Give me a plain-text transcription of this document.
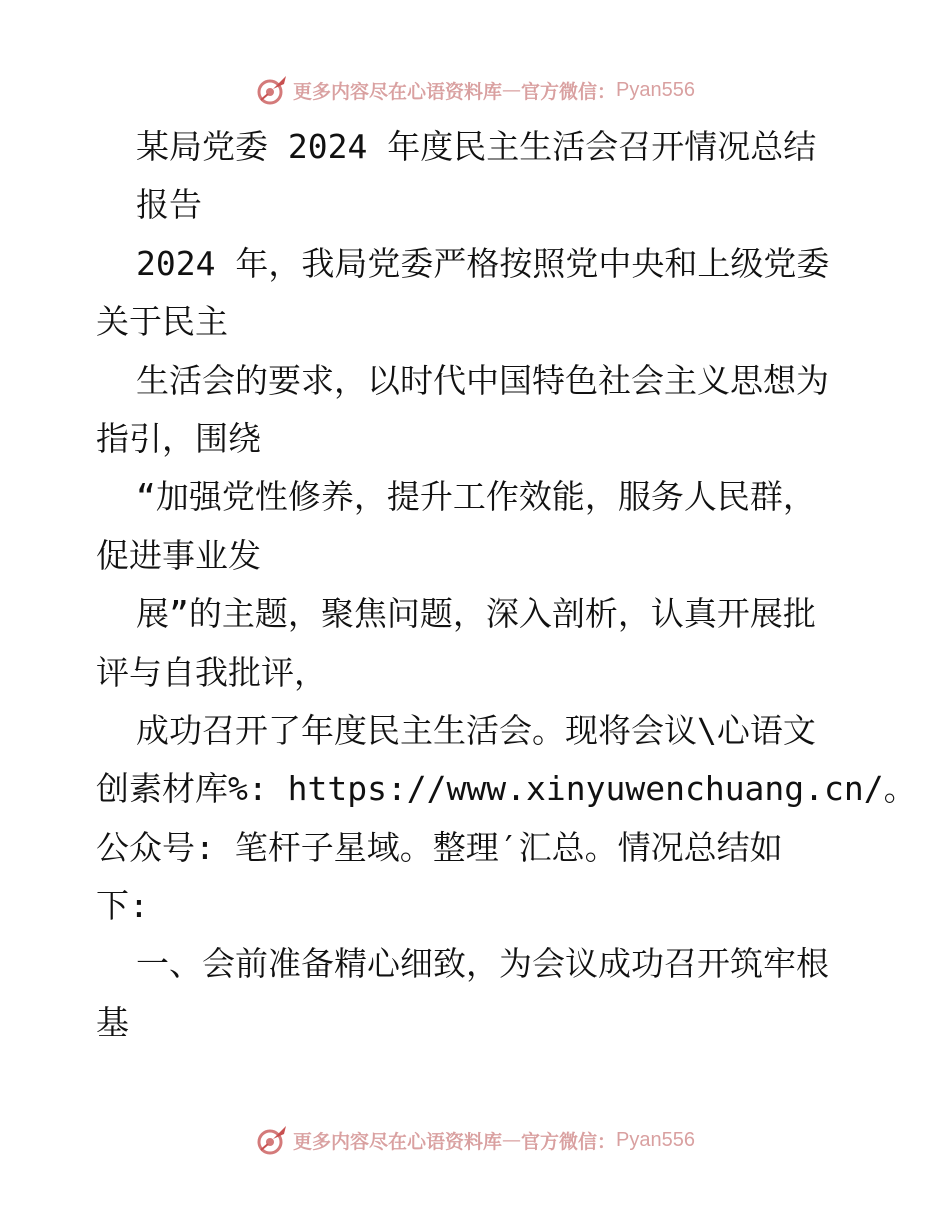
更多内容尽在心语资料库 — 官方微信： Pyan556
某局党委 2024 年度民主生活会召开情况总结
报告
2024 年，我局党委严格按照党中央和上级党委
关于民主
生活会的要求，以时代中国特色社会主义思想为
指引，围绕
“加强党性修养，提升工作效能，服务人民群，
促进事业发
展”的主题，聚焦问题，深入剖析，认真开展批
评与自我批评，
成功召开了年度民主生活会。现将会议\心语文
创素材库%: https://www.xinyuwenchuang.cn/。
公众号: 笔杆子星域。整理′汇总。情况总结如
下:
一、会前准备精心细致，为会议成功召开筑牢根
基
更多内容尽在心语资料库 — 官方微信： Pyan556
